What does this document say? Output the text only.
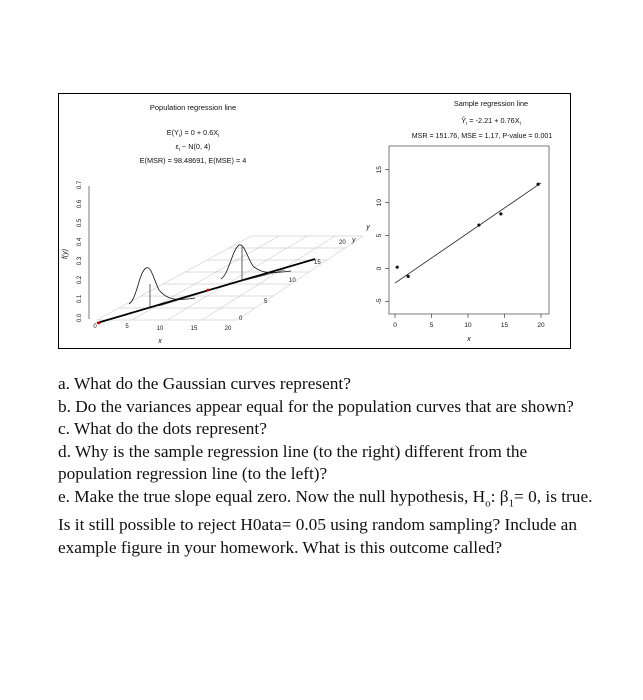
Population regression line
$E(Y_i) = 0 + 0.6X_i$
$\varepsilon_i$ ~ N(0, 4)
E(MSR) = 98.48691, E(MSE) = 4
0.0
0.1
0.2
0.3
0.4
0.5
0.6
0.7
f(y)
0	5	10	15	20
x
0
5
10
15
20 y
Sample regression line
$Ŷ_i = -2.21 + 0.76X_i$
MSR = 151.76, MSE = 1.17, P-value = 0.001
0	5	10	15	20
-5
0
5
10
15
x
y

a. What do the Gaussian curves represent?

b. Do the variances appear equal for the population curves that are shown?

c. What do the dots represent?

d. Why is the sample regression line (to the right) different from the population regression line (to the left)?

e. Make the true slope equal zero. Now the null hypothesis, $H_o$: $\beta_1= 0$, is true. Is it still possible to reject H0ata= 0.05 using random sampling? Include an example figure in your homework. What is this outcome called?
